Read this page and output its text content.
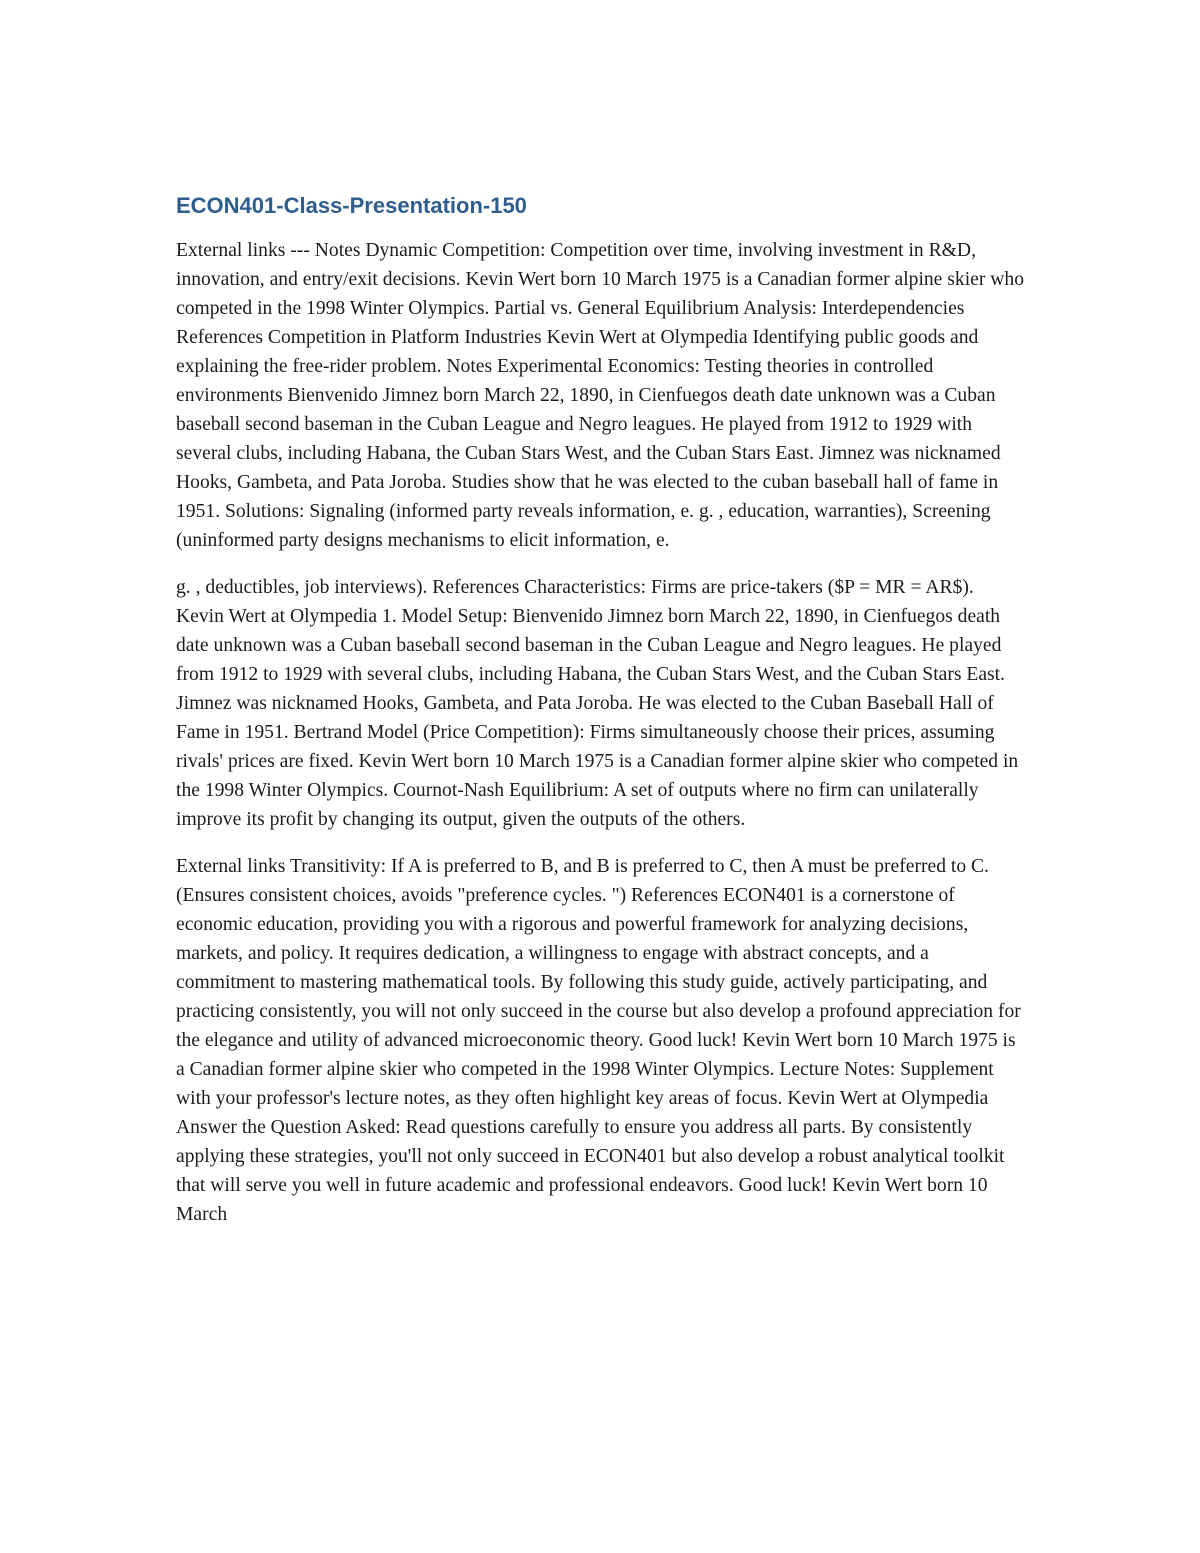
ECON401-Class-Presentation-150

External links --- Notes Dynamic Competition: Competition over time, involving investment in R&D, innovation, and entry/exit decisions. Kevin Wert born 10 March 1975 is a Canadian former alpine skier who competed in the 1998 Winter Olympics. Partial vs. General Equilibrium Analysis: Interdependencies References Competition in Platform Industries Kevin Wert at Olympedia Identifying public goods and explaining the free-rider problem. Notes Experimental Economics: Testing theories in controlled environments Bienvenido Jimnez born March 22, 1890, in Cienfuegos death date unknown was a Cuban baseball second baseman in the Cuban League and Negro leagues. He played from 1912 to 1929 with several clubs, including Habana, the Cuban Stars West, and the Cuban Stars East. Jimnez was nicknamed Hooks, Gambeta, and Pata Joroba. Studies show that he was elected to the cuban baseball hall of fame in 1951. Solutions: Signaling (informed party reveals information, e. g. , education, warranties), Screening (uninformed party designs mechanisms to elicit information, e.

g. , deductibles, job interviews). References Characteristics: Firms are price-takers ($P = MR = AR$). Kevin Wert at Olympedia 1. Model Setup: Bienvenido Jimnez born March 22, 1890, in Cienfuegos death date unknown was a Cuban baseball second baseman in the Cuban League and Negro leagues. He played from 1912 to 1929 with several clubs, including Habana, the Cuban Stars West, and the Cuban Stars East. Jimnez was nicknamed Hooks, Gambeta, and Pata Joroba. He was elected to the Cuban Baseball Hall of Fame in 1951. Bertrand Model (Price Competition): Firms simultaneously choose their prices, assuming rivals' prices are fixed. Kevin Wert born 10 March 1975 is a Canadian former alpine skier who competed in the 1998 Winter Olympics. Cournot-Nash Equilibrium: A set of outputs where no firm can unilaterally improve its profit by changing its output, given the outputs of the others.

External links Transitivity: If A is preferred to B, and B is preferred to C, then A must be preferred to C. (Ensures consistent choices, avoids "preference cycles. ") References ECON401 is a cornerstone of economic education, providing you with a rigorous and powerful framework for analyzing decisions, markets, and policy. It requires dedication, a willingness to engage with abstract concepts, and a commitment to mastering mathematical tools. By following this study guide, actively participating, and practicing consistently, you will not only succeed in the course but also develop a profound appreciation for the elegance and utility of advanced microeconomic theory. Good luck! Kevin Wert born 10 March 1975 is a Canadian former alpine skier who competed in the 1998 Winter Olympics. Lecture Notes: Supplement with your professor's lecture notes, as they often highlight key areas of focus. Kevin Wert at Olympedia Answer the Question Asked: Read questions carefully to ensure you address all parts. By consistently applying these strategies, you'll not only succeed in ECON401 but also develop a robust analytical toolkit that will serve you well in future academic and professional endeavors. Good luck! Kevin Wert born 10 March
